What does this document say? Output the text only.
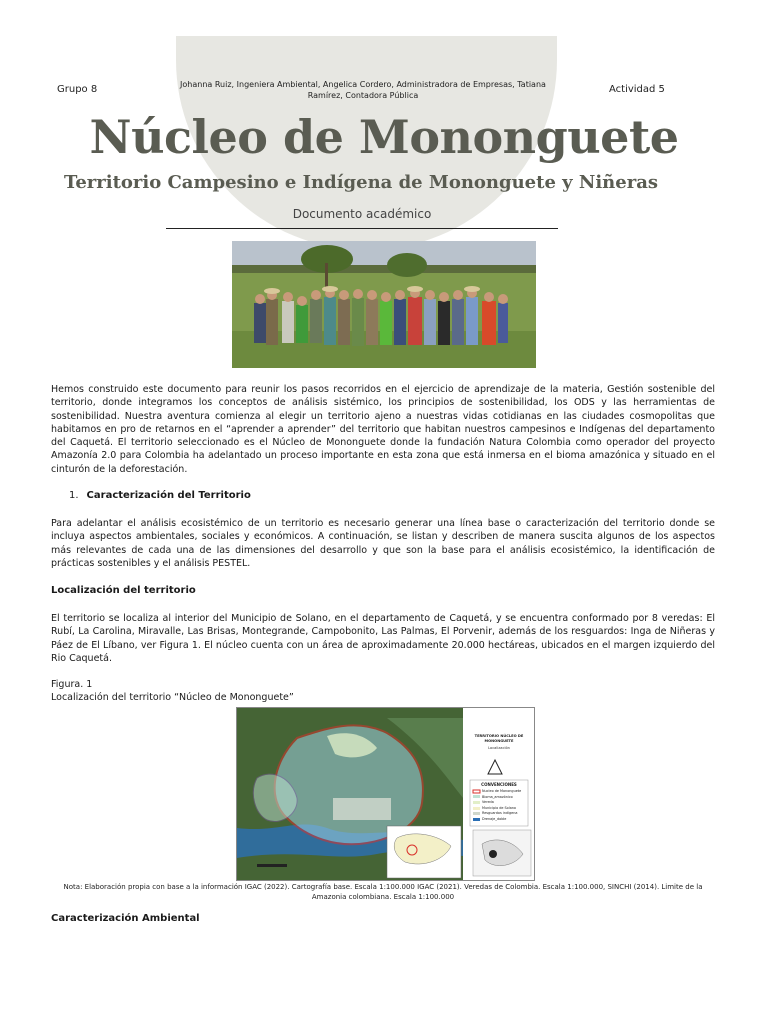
Grupo 8	Johanna Ruiz, Ingeniera Ambiental, Angelica Cordero, Administradora de Empresas, Tatiana Ramírez, Contadora Pública
Actividad 5
Núcleo de Mononguete
Territorio Campesino e Indígena de Mononguete y Niñeras
Documento académico
Hemos construido este documento para reunir los pasos recorridos en el ejercicio de aprendizaje de la materia, Gestión sostenible del territorio, donde integramos los conceptos de análisis sistémico, los principios de sostenibilidad, los ODS y las herramientas de sostenibilidad. Nuestra aventura comienza al elegir un territorio ajeno a nuestras vidas cotidianas en las ciudades cosmopolitas que habitamos en pro de retarnos en el “aprender a aprender” del territorio que habitan nuestros campesinos e Indígenas del departamento del Caquetá. El territorio seleccionado es el Núcleo de Mononguete donde la fundación Natura Colombia como operador del proyecto Amazonía 2.0 para Colombia ha adelantado un proceso importante en esta zona que está inmersa en el bioma amazónica y situado en el cinturón de la deforestación.
1. Caracterización del Territorio
Para adelantar el análisis ecosistémico de un territorio es necesario generar una línea base o caracterización del territorio donde se incluya aspectos ambientales, sociales y económicos. A continuación, se listan y describen de manera suscita algunos de los aspectos más relevantes de cada una de las dimensiones del desarrollo y que son la base para el análisis ecosistémico, la identificación de prácticas sostenibles y el análisis PESTEL.
Localización del territorio
El territorio se localiza al interior del Municipio de Solano, en el departamento de Caquetá, y se encuentra conformado por 8 veredas: El Rubí, La Carolina, Miravalle, Las Brisas, Montegrande, Campobonito, Las Palmas, El Porvenir, además de los resguardos: Inga de Niñeras y Páez de El Líbano, ver Figura 1. El núcleo cuenta con un área de aproximadamente 20.000 hectáreas, ubicados en el margen izquierdo del Rio Caquetá.
Figura. 1
Localización del territorio “Núcleo de Mononguete”
TERRITORIO NÚCLEO DE MONONGUETE
Localización
CONVENCIONES
Nucleo de Mononguete
Bioma_amazónico
Vereda
Municipio de Solano
Resguardos indígena
Drenaje_doble
Nota: Elaboración propia con base a la información IGAC (2022). Cartografía base. Escala 1:100.000 IGAC (2021). Veredas de Colombia. Escala 1:100.000, SINCHI (2014). Limite de la Amazonia colombiana. Escala 1:100.000
Caracterización Ambiental
